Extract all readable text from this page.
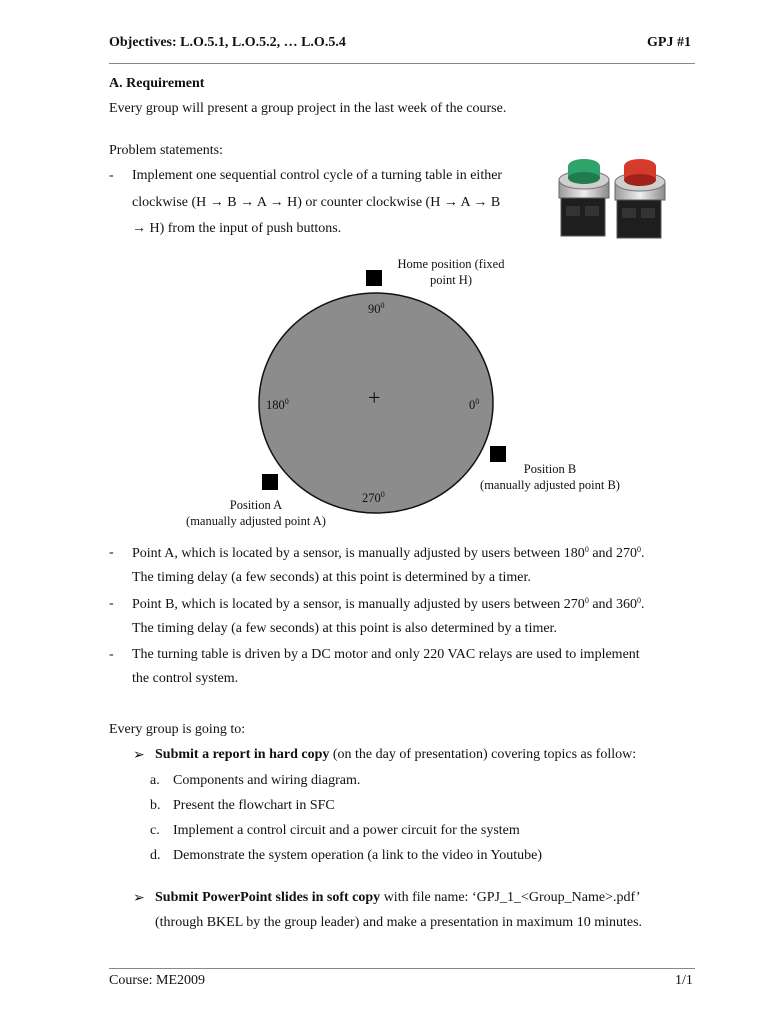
Objectives: L.O.5.1, L.O.5.2, … L.O.5.4	GPJ #1
A. Requirement
Every group will present a group project in the last week of the course.
Problem statements:
- Implement one sequential control cycle of a turning table in either
clockwise (H → B → A → H) or counter clockwise (H → A → B
→ H) from the input of push buttons.
$90^0$
$180^0$	$0^0$
$270^0$
+
Home position (fixed
point H)
Position B
(manually adjusted point B)
Position A
(manually adjusted point A)
- Point A, which is located by a sensor, is manually adjusted by users between $180^0$ and $270^0$.
The timing delay (a few seconds) at this point is determined by a timer.
- Point B, which is located by a sensor, is manually adjusted by users between $270^0$ and $360^0$.
The timing delay (a few seconds) at this point is also determined by a timer.
- The turning table is driven by a DC motor and only 220 VAC relays are used to implement
the control system.
Every group is going to:
➢ Submit a report in hard copy (on the day of presentation) covering topics as follow:
a. Components and wiring diagram.
b. Present the flowchart in SFC
c. Implement a control circuit and a power circuit for the system
d. Demonstrate the system operation (a link to the video in Youtube)
➢ Submit PowerPoint slides in soft copy with file name: ‘GPJ_1_<Group_Name>.pdf’
(through BKEL by the group leader) and make a presentation in maximum 10 minutes.
Course: ME2009	1/1
